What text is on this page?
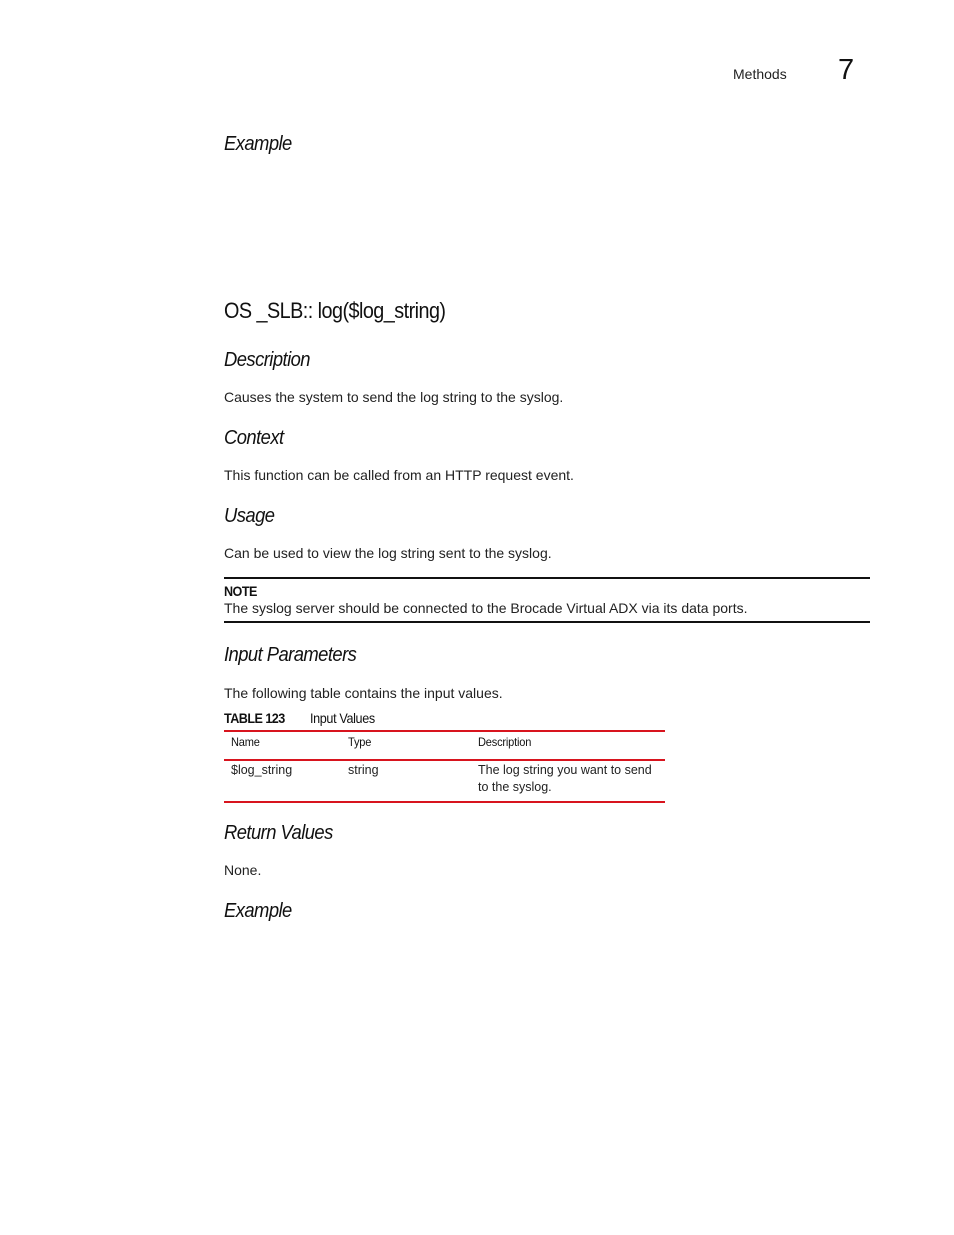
Methods 7
Example
OS _SLB:: log($log_string)
Description
Causes the system to send the log string to the syslog.
Context
This function can be called from an HTTP request event.
Usage
Can be used to view the log string sent to the syslog.
NOTE
The syslog server should be connected to the Brocade Virtual ADX via its data ports.
Input Parameters
The following table contains the input values.
TABLE 123 Input Values
Name	Type	Description
$log_string	string	The log string you want to send to the syslog.
Return Values
None.
Example
